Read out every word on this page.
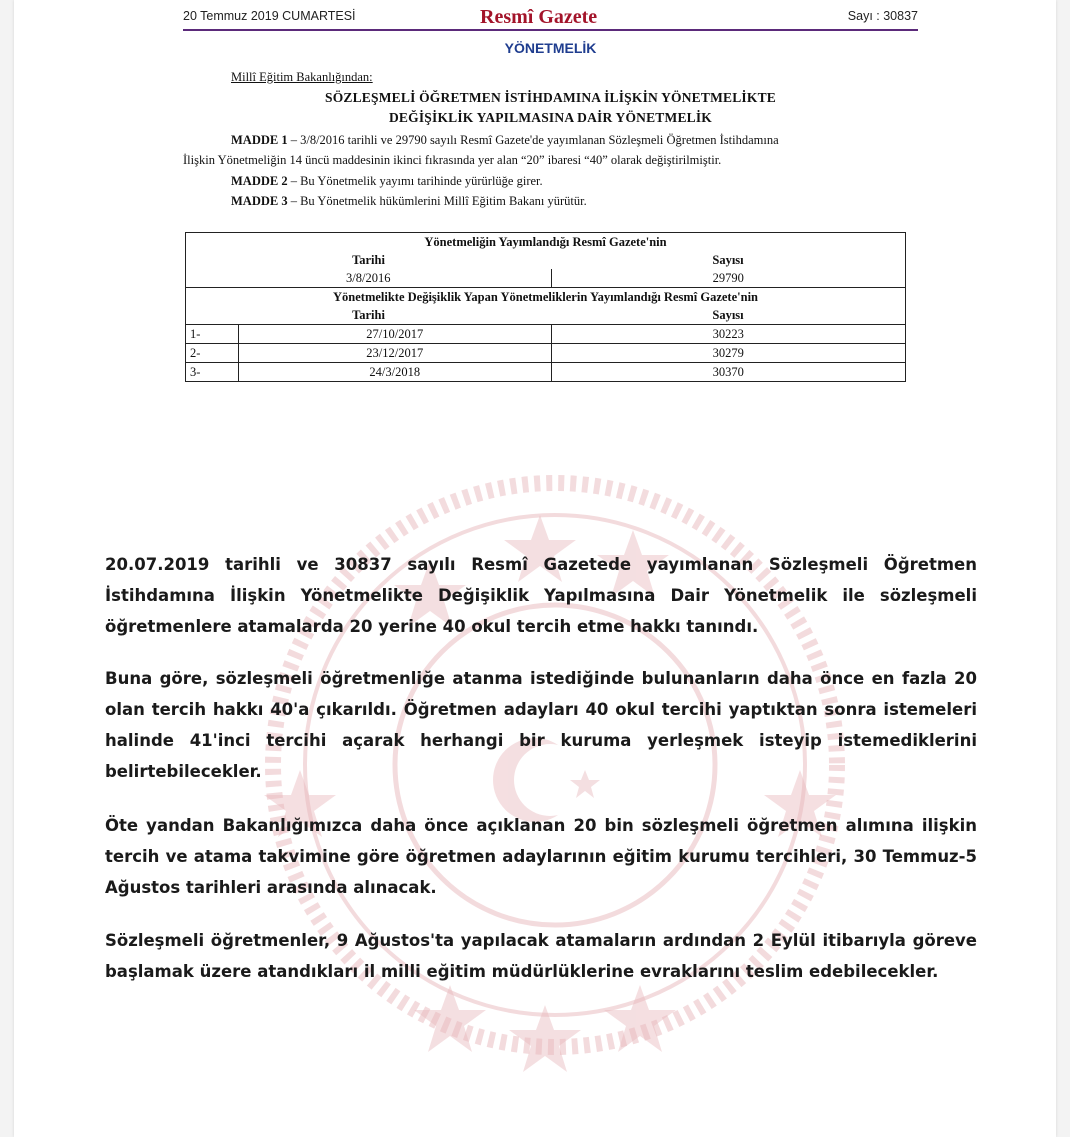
20 Temmuz 2019 CUMARTESİ	Resmî Gazete	Sayı : 30837
YÖNETMELİK
Millî Eğitim Bakanlığından:
SÖZLEŞMELİ ÖĞRETMEN İSTİHDAMINA İLİŞKİN YÖNETMELİKTE
DEĞİŞİKLİK YAPILMASINA DAİR YÖNETMELİK
MADDE 1 – 3/8/2016 tarihli ve 29790 sayılı Resmî Gazete'de yayımlanan Sözleşmeli Öğretmen İstihdamına
İlişkin Yönetmeliğin 14 üncü maddesinin ikinci fıkrasında yer alan “20” ibaresi “40” olarak değiştirilmiştir.
MADDE 2 – Bu Yönetmelik yayımı tarihinde yürürlüğe girer.
MADDE 3 – Bu Yönetmelik hükümlerini Millî Eğitim Bakanı yürütür.
Yönetmeliğin Yayımlandığı Resmî Gazete'nin		
Tarihi		Sayısı
3/8/2016		29790
Yönetmelikte Değişiklik Yapan Yönetmeliklerin Yayımlandığı Resmî Gazete'nin		
Tarihi		Sayısı
1-	27/10/2017	30223
2-	23/12/2017	30279
3-	24/3/2018	30370

20.07.2019 tarihli ve 30837 sayılı Resmî Gazetede yayımlanan Sözleşmeli Öğretmen İstihdamına İlişkin Yönetmelikte Değişiklik Yapılmasına Dair Yönetmelik ile sözleşmeli öğretmenlere atamalarda 20 yerine 40 okul tercih etme hakkı tanındı.

Buna göre, sözleşmeli öğretmenliğe atanma istediğinde bulunanların daha önce en fazla 20 olan tercih hakkı 40'a çıkarıldı. Öğretmen adayları 40 okul tercihi yaptıktan sonra istemeleri halinde 41'inci tercihi açarak herhangi bir kuruma yerleşmek isteyip istemediklerini belirtebilecekler.

Öte yandan Bakanlığımızca daha önce açıklanan 20 bin sözleşmeli öğretmen alımına ilişkin tercih ve atama takvimine göre öğretmen adaylarının eğitim kurumu tercihleri, 30 Temmuz-5 Ağustos tarihleri arasında alınacak.

Sözleşmeli öğretmenler, 9 Ağustos'ta yapılacak atamaların ardından 2 Eylül itibarıyla göreve başlamak üzere atandıkları il milli eğitim müdürlüklerine evraklarını teslim edebilecekler.
